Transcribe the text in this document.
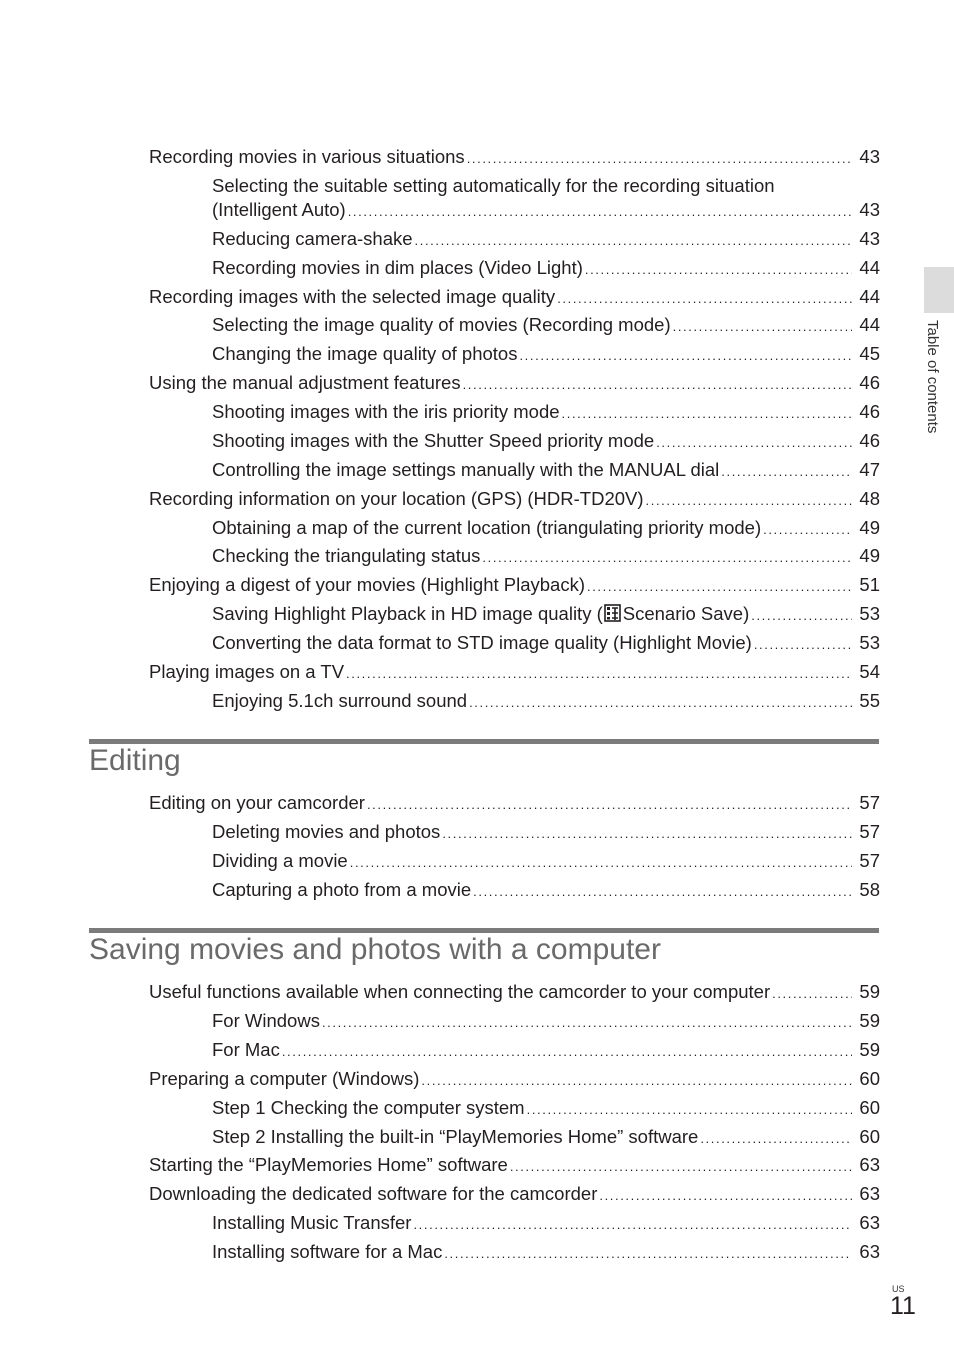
Recording movies in various situations .....	43
Selecting the suitable setting automatically for the recording situation
(Intelligent Auto) .....	43
Reducing camera-shake .....	43
Recording movies in dim places (Video Light) .....	44
Recording images with the selected image quality .....	44
Selecting the image quality of movies (Recording mode) .....	44
Changing the image quality of photos .....	45
Using the manual adjustment features .....	46
Shooting images with the iris priority mode .....	46
Shooting images with the Shutter Speed priority mode .....	46
Controlling the image settings manually with the MANUAL dial .....	47
Recording information on your location (GPS) (HDR-TD20V) .....	48
Obtaining a map of the current location (triangulating priority mode) .....	49
Checking the triangulating status .....	49
Enjoying a digest of your movies (Highlight Playback) .....	51
Saving Highlight Playback in HD image quality ( Scenario Save) .....	53
Converting the data format to STD image quality (Highlight Movie) .....	53
Playing images on a TV .....	54
Enjoying 5.1ch surround sound .....	55
Editing
Editing on your camcorder .....	57
Deleting movies and photos .....	57
Dividing a movie .....	57
Capturing a photo from a movie .....	58
Saving movies and photos with a computer
Useful functions available when connecting the camcorder to your computer .....	59
For Windows .....	59
For Mac .....	59
Preparing a computer (Windows) .....	60
Step 1 Checking the computer system .....	60
Step 2 Installing the built-in “PlayMemories Home” software .....	60
Starting the “PlayMemories Home” software .....	63
Downloading the dedicated software for the camcorder .....	63
Installing Music Transfer .....	63
Installing software for a Mac .....	63
Table of contents
US
11
